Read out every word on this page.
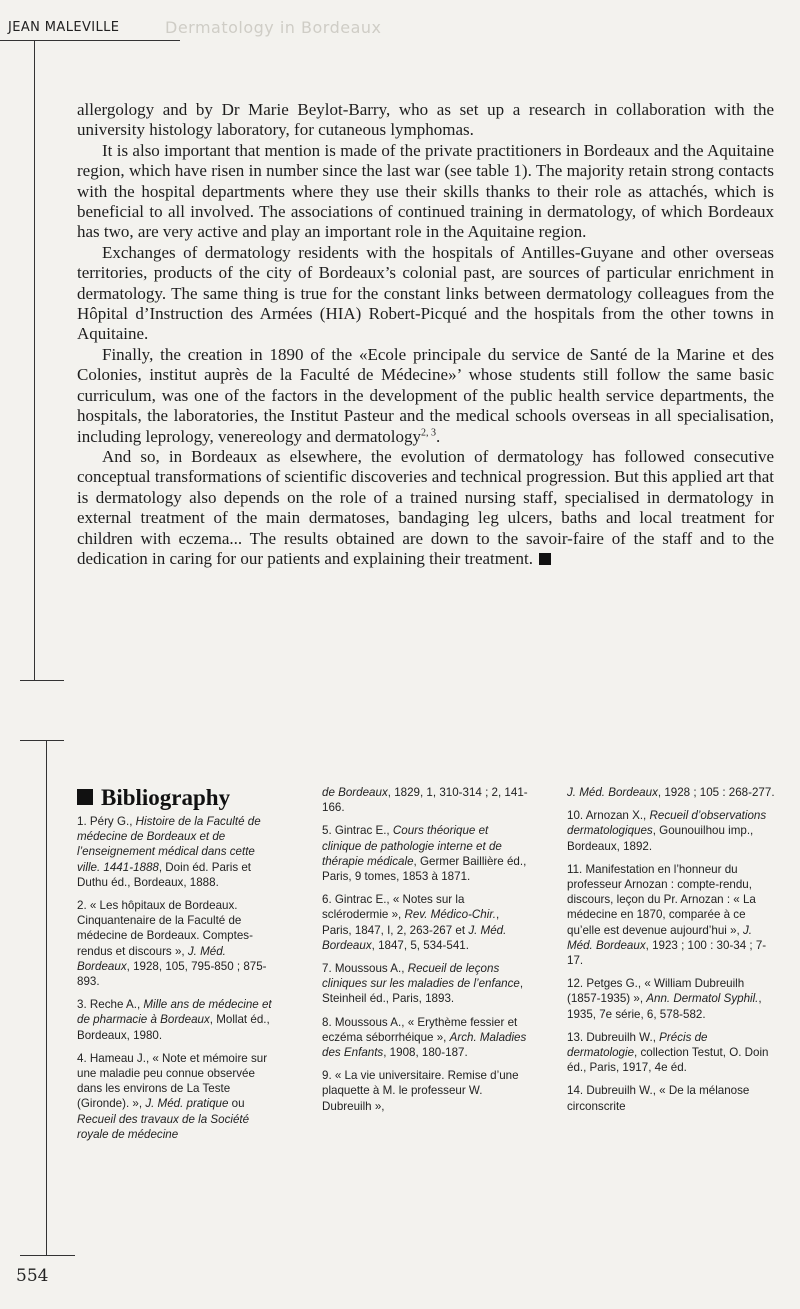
JEAN MALEVILLE	Dermatology in Bordeaux

allergology and by Dr Marie Beylot-Barry, who as set up a research in collaboration with the university histology laboratory, for cutaneous lymphomas.

It is also important that mention is made of the private practitioners in Bordeaux and the Aquitaine region, which have risen in number since the last war (see table 1). The majority retain strong contacts with the hospital departments where they use their skills thanks to their role as attachés, which is beneficial to all involved. The associations of continued training in dermatology, of which Bordeaux has two, are very active and play an important role in the Aquitaine region.

Exchanges of dermatology residents with the hospitals of Antilles-Guyane and other overseas territories, products of the city of Bordeaux’s colonial past, are sources of particular enrichment in dermatology. The same thing is true for the constant links between dermatology colleagues from the Hôpital d’Instruction des Armées (HIA) Robert-Picqué and the hospitals from the other towns in Aquitaine.

Finally, the creation in 1890 of the «Ecole principale du service de Santé de la Marine et des Colonies, institut auprès de la Faculté de Médecine»’ whose students still follow the same basic curriculum, was one of the factors in the development of the public health service departments, the hospitals, the laboratories, the Institut Pasteur and the medical schools overseas in all specialisation, including leprology, venereology and dermatology$^{2, 3}$.

And so, in Bordeaux as elsewhere, the evolution of dermatology has followed consecutive conceptual transformations of scientific discoveries and technical progression. But this applied art that is dermatology also depends on the role of a trained nursing staff, specialised in dermatology in external treatment of the main dermatoses, bandaging leg ulcers, baths and local treatment for children with eczema... The results obtained are down to the savoir-faire of the staff and to the dedication in caring for our patients and explaining their treatment.

Bibliography
1. Péry G., Histoire de la Faculté de médecine de Bordeaux et de l’enseignement médical dans cette ville. 1441-1888, Doin éd. Paris et Duthu éd., Bordeaux, 1888.
2. « Les hôpitaux de Bordeaux. Cinquantenaire de la Faculté de médecine de Bordeaux. Comptes-rendus et discours », J. Méd. Bordeaux, 1928, 105, 795-850 ; 875-893.
3. Reche A., Mille ans de médecine et de pharmacie à Bordeaux, Mollat éd., Bordeaux, 1980.
4. Hameau J., « Note et mémoire sur une maladie peu connue observée dans les environs de La Teste (Gironde). », J. Méd. pratique ou Recueil des travaux de la Société royale de médecine
de Bordeaux, 1829, 1, 310-314 ; 2, 141-166.
5. Gintrac E., Cours théorique et clinique de pathologie interne et de thérapie médicale, Germer Baillière éd., Paris, 9 tomes, 1853 à 1871.
6. Gintrac E., « Notes sur la sclérodermie », Rev. Médico-Chir., Paris, 1847, I, 2, 263-267 et J. Méd. Bordeaux, 1847, 5, 534-541.
7. Moussous A., Recueil de leçons cliniques sur les maladies de l’enfance, Steinheil éd., Paris, 1893.
8. Moussous A., « Erythème fessier et eczéma séborrhéique », Arch. Maladies des Enfants, 1908, 180-187.
9. « La vie universitaire. Remise d’une plaquette à M. le professeur W. Dubreuilh »,
J. Méd. Bordeaux, 1928 ; 105 : 268-277.
10. Arnozan X., Recueil d’observations dermatologiques, Gounouilhou imp., Bordeaux, 1892.
11. Manifestation en l’honneur du professeur Arnozan : compte-rendu, discours, leçon du Pr. Arnozan : « La médecine en 1870, comparée à ce qu’elle est devenue aujourd’hui », J. Méd. Bordeaux, 1923 ; 100 : 30-34 ; 7-17.
12. Petges G., « William Dubreuilh (1857-1935) », Ann. Dermatol Syphil., 1935, 7e série, 6, 578-582.
13. Dubreuilh W., Précis de dermatologie, collection Testut, O. Doin éd., Paris, 1917, 4e éd.
14. Dubreuilh W., « De la mélanose circonscrite
554
